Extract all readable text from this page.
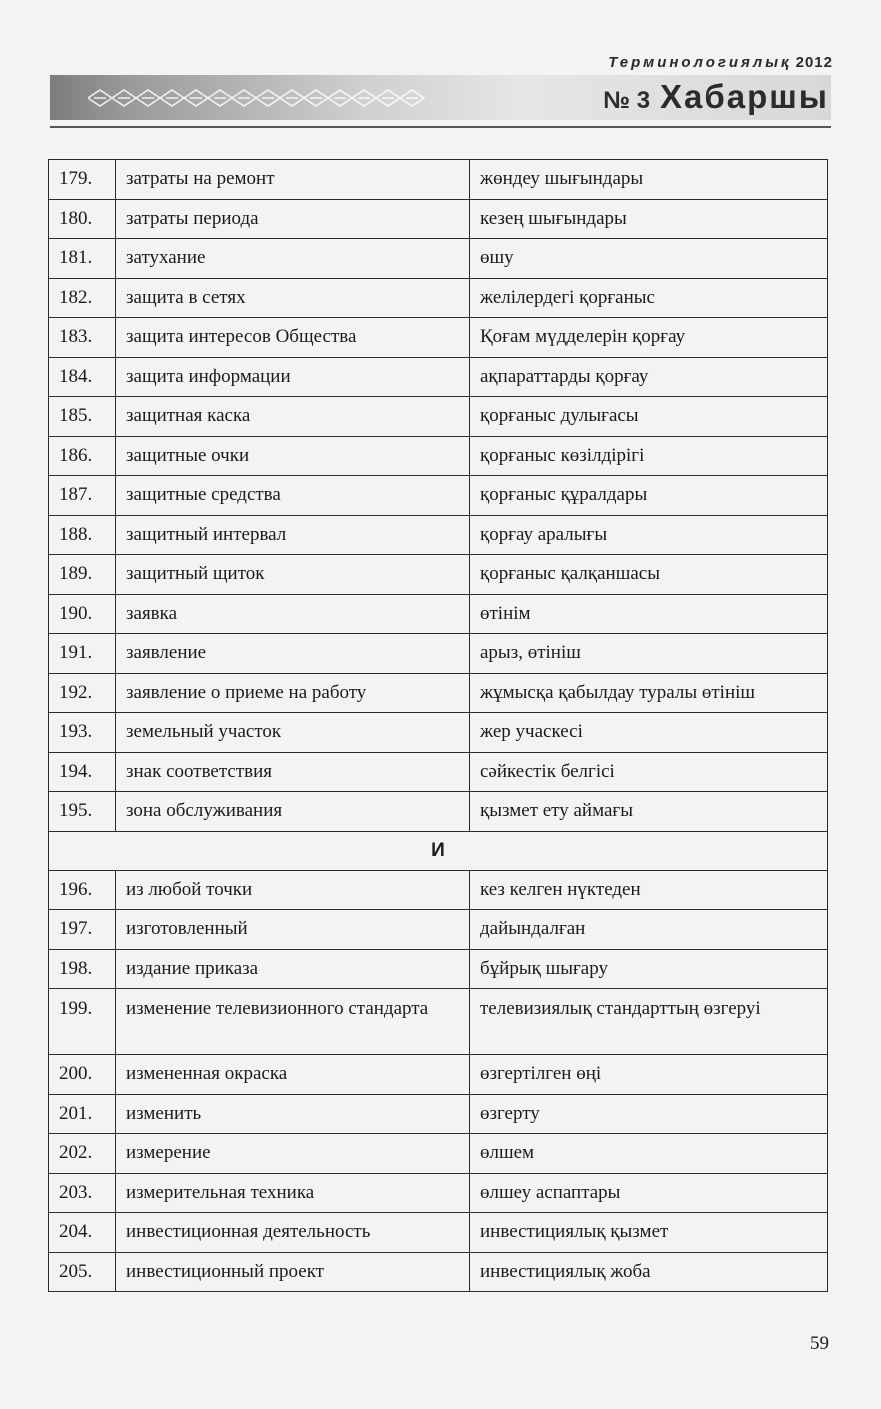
Терминологиялық 2012
№ 3 Хабаршы
179.	затраты на ремонт	жөндеу шығындары
180.	затраты периода	кезең шығындары
181.	затухание	өшу
182.	защита в сетях	желілердегі қорғаныс
183.	защита интересов Общества	Қоғам мүдделерін қорғау
184.	защита информации	ақпараттарды қорғау
185.	защитная каска	қорғаныс дулығасы
186.	защитные очки	қорғаныс көзілдірігі
187.	защитные средства	қорғаныс құралдары
188.	защитный интервал	қорғау аралығы
189.	защитный щиток	қорғаныс қалқаншасы
190.	заявка	өтінім
191.	заявление	арыз, өтініш
192.	заявление о приеме на работу	жұмысқа қабылдау туралы өтініш
193.	земельный участок	жер учаскесі
194.	знак соответствия	сәйкестік белгісі
195.	зона обслуживания	қызмет ету аймағы
И		
196.	из любой точки	кез келген нүктеден
197.	изготовленный	дайындалған
198.	издание приказа	бұйрық шығару
199.	изменение телевизионного стандарта	телевизиялық стандарттың өзгеруі
200.	измененная окраска	өзгертілген өңі
201.	изменить	өзгерту
202.	измерение	өлшем
203.	измерительная техника	өлшеу аспаптары
204.	инвестиционная деятельность	инвестициялық қызмет
205.	инвестиционный проект	инвестициялық жоба
59
